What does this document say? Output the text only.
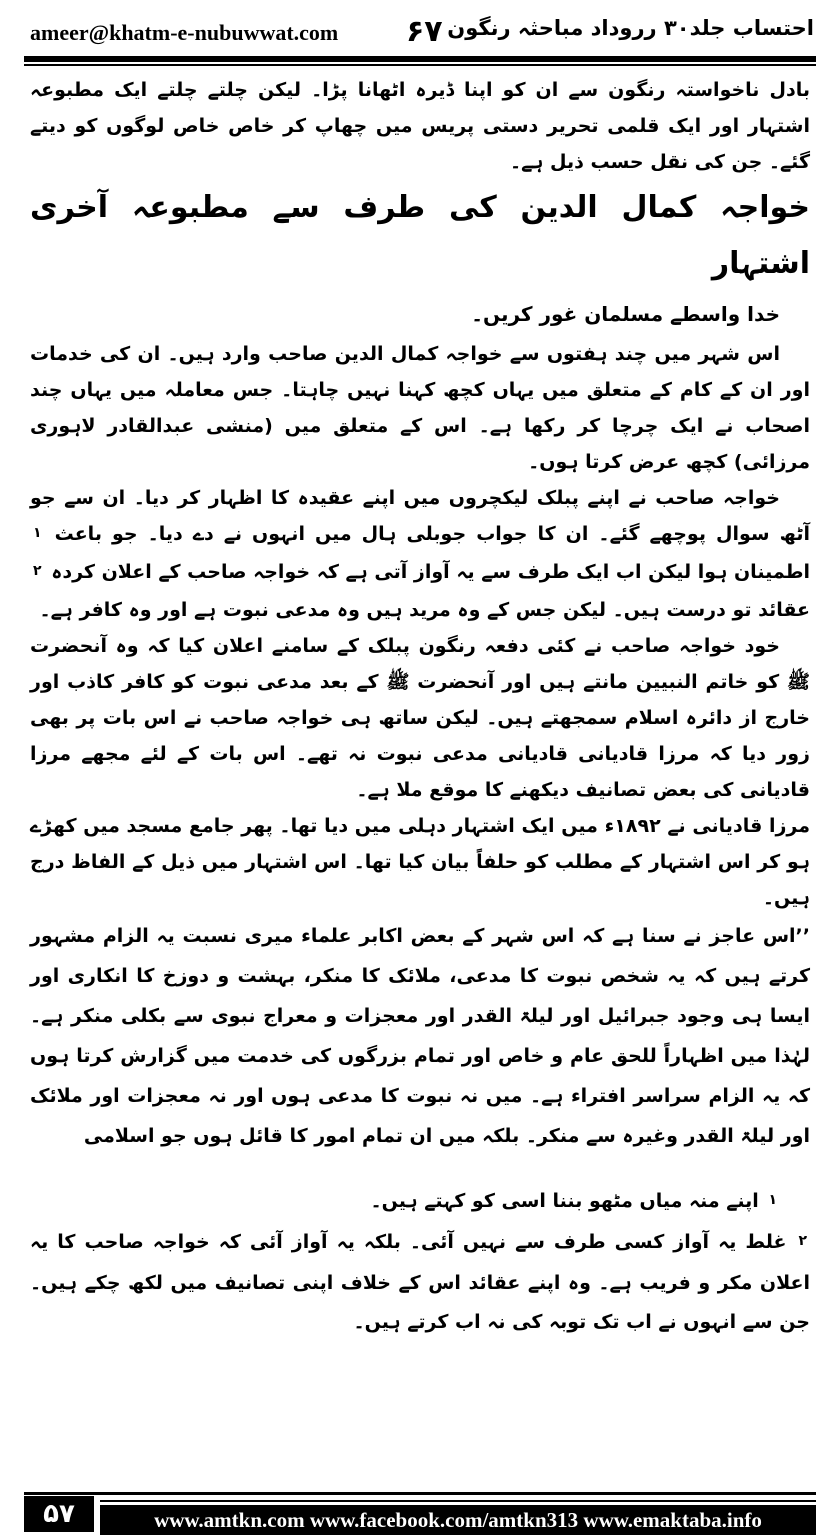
ameer@khatm-e-nubuwwat.com ۶۷ احتساب جلد۳۰ رروداد مباحثہ رنگون

بادل ناخواستہ رنگون سے ان کو اپنا ڈیرہ اٹھانا پڑا۔ لیکن چلتے چلتے ایک مطبوعہ اشتہار اور ایک قلمی تحریر دستی پریس میں چھاپ کر خاص خاص لوگوں کو دیتے گئے۔ جن کی نقل حسب ذیل ہے۔

خواجہ کمال الدین کی طرف سے مطبوعہ آخری اشتہار

خدا واسطے مسلمان غور کریں۔

اس شہر میں چند ہفتوں سے خواجہ کمال الدین صاحب وارد ہیں۔ ان کی خدمات اور ان کے کام کے متعلق میں یہاں کچھ کہنا نہیں چاہتا۔ جس معاملہ میں یہاں چند اصحاب نے ایک چرچا کر رکھا ہے۔ اس کے متعلق میں (منشی عبدالقادر لاہوری مرزائی) کچھ عرض کرتا ہوں۔

خواجہ صاحب نے اپنے پبلک لیکچروں میں اپنے عقیدہ کا اظہار کر دیا۔ ان سے جو آٹھ سوال پوچھے گئے۔ ان کا جواب جوبلی ہال میں انہوں نے دے دیا۔ جو باعث ۱ اطمینان ہوا لیکن اب ایک طرف سے یہ آواز آتی ہے کہ خواجہ صاحب کے اعلان کردہ ۲ عقائد تو درست ہیں۔ لیکن جس کے وہ مرید ہیں وہ مدعی نبوت ہے اور وہ کافر ہے۔

خود خواجہ صاحب نے کئی دفعہ رنگون پبلک کے سامنے اعلان کیا کہ وہ آنحضرت ﷺ کو خاتم النبیین مانتے ہیں اور آنحضرت ﷺ کے بعد مدعی نبوت کو کافر کاذب اور خارج از دائرہ اسلام سمجھتے ہیں۔ لیکن ساتھ ہی خواجہ صاحب نے اس بات پر بھی زور دیا کہ مرزا قادیانی قادیانی مدعی نبوت نہ تھے۔ اس بات کے لئے مجھے مرزا قادیانی کی بعض تصانیف دیکھنے کا موقع ملا ہے۔

مرزا قادیانی نے ۱۸۹۲ء میں ایک اشتہار دہلی میں دیا تھا۔ پھر جامع مسجد میں کھڑے ہو کر اس اشتہار کے مطلب کو حلفاً بیان کیا تھا۔ اس اشتہار میں ذیل کے الفاظ درج ہیں۔

’’اس عاجز نے سنا ہے کہ اس شہر کے بعض اکابر علماء میری نسبت یہ الزام مشہور کرتے ہیں کہ یہ شخص نبوت کا مدعی، ملائک کا منکر، بہشت و دوزخ کا انکاری اور ایسا ہی وجود جبرائیل اور لیلۃ القدر اور معجزات و معراج نبوی سے بکلی منکر ہے۔ لہٰذا میں اظہاراً للحق عام و خاص اور تمام بزرگوں کی خدمت میں گزارش کرتا ہوں کہ یہ الزام سراسر افتراء ہے۔ میں نہ نبوت کا مدعی ہوں اور نہ معجزات اور ملائک اور لیلۃ القدر وغیرہ سے منکر۔ بلکہ میں ان تمام امور کا قائل ہوں جو اسلامی

۱ اپنے منہ میاں مٹھو بننا اسی کو کہتے ہیں۔

۲ غلط یہ آواز کسی طرف سے نہیں آئی۔ بلکہ یہ آواز آئی کہ خواجہ صاحب کا یہ اعلان مکر و فریب ہے۔ وہ اپنے عقائد اس کے خلاف اپنی تصانیف میں لکھ چکے ہیں۔ جن سے انہوں نے اب تک توبہ کی نہ اب کرتے ہیں۔

۵۷	www.amtkn.com www.facebook.com/amtkn313 www.emaktaba.info
